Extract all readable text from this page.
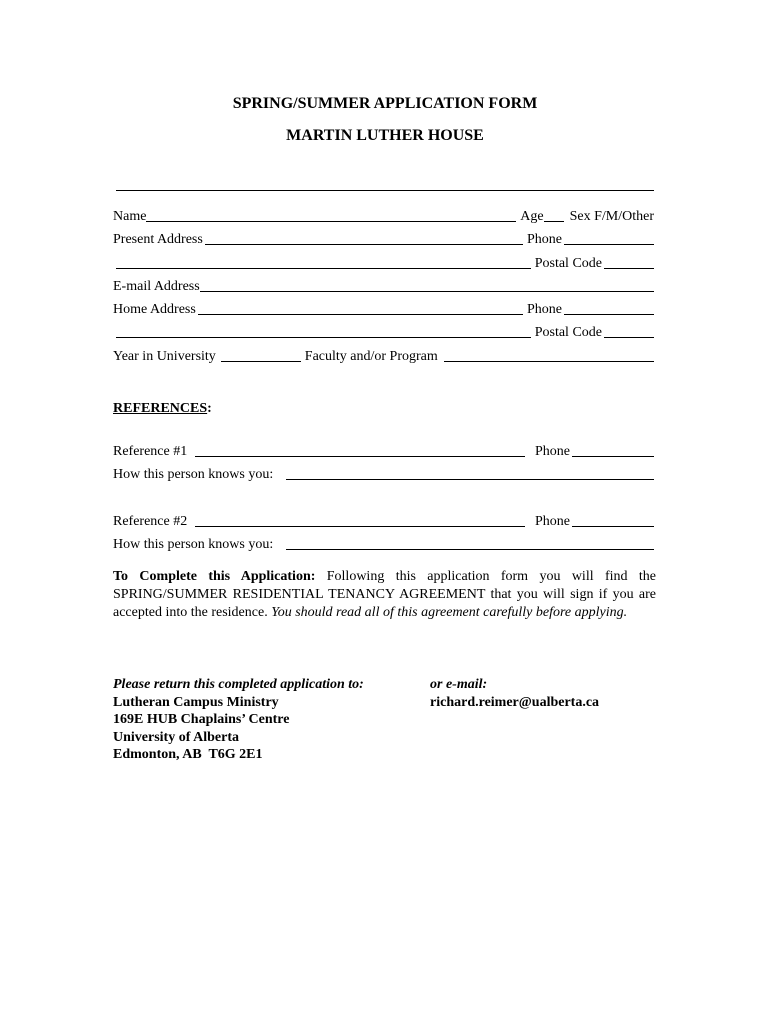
SPRING/SUMMER APPLICATION FORM
MARTIN LUTHER HOUSE
Name	Age Sex F/M/Other
Present Address	Phone
Postal Code
E-mail Address
Home Address	Phone
Postal Code
Year in University	Faculty and/or Program
REFERENCES:
Reference #1	Phone
How this person knows you:
Reference #2	Phone
How this person knows you:
To Complete this Application: Following this application form you will find the SPRING/SUMMER RESIDENTIAL TENANCY AGREEMENT that you will sign if you are accepted into the residence. You should read all of this agreement carefully before applying.
Please return this completed application to:
Lutheran Campus Ministry
169E HUB Chaplains’ Centre
University of Alberta
Edmonton, AB  T6G 2E1
or e-mail:
richard.reimer@ualberta.ca
